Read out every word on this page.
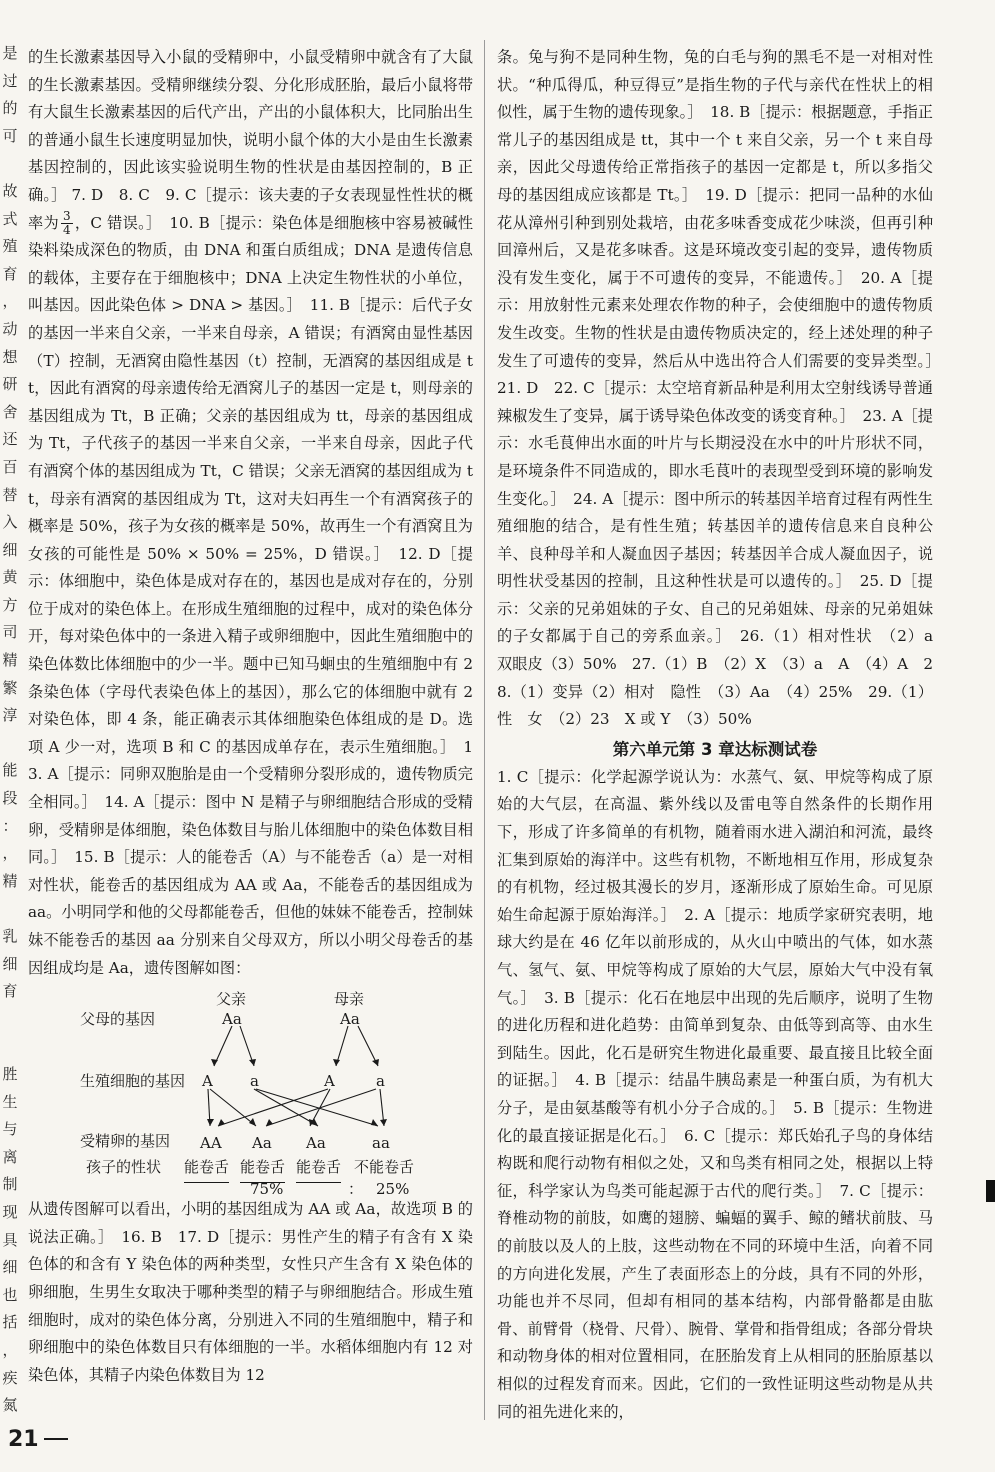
是
过
的
可
故
式
殖
育
，
动
想
研
舍
还
百
替
入
细
黄
方
司
精
繁
淳
能
段
：
，
精
乳
细
育
胜
生
与
离
制
现
具
细
也
括
，
疾
氮

的生长激素基因导入小鼠的受精卵中，小鼠受精卵中就含有了大鼠的生长激素基因。受精卵继续分裂、分化形成胚胎，最后小鼠将带有大鼠生长激素基因的后代产出，产出的小鼠体积大，比同胎出生的普通小鼠生长速度明显加快，说明小鼠个体的大小是由生长激素基因控制的，因此该实验说明生物的性状是由基因控制的，B 正确。］ 7. D　8. C　9. C［提示：该夫妻的子女表现显性性状的概率为 $\frac{3}{4}$ ，C 错误。］　10. B［提示：染色体是细胞核中容易被碱性染料染成深色的物质，由 DNA 和蛋白质组成；DNA 是遗传信息的载体，主要存在于细胞核中；DNA 上决定生物性状的小单位，叫基因。因此染色体 > DNA > 基因。］　11. B［提示：后代子女的基因一半来自父亲，一半来自母亲，A 错误；有酒窝由显性基因（T）控制，无酒窝由隐性基因（t）控制，无酒窝的基因组成是 tt，因此有酒窝的母亲遗传给无酒窝儿子的基因一定是 t，则母亲的基因组成为 Tt，B 正确；父亲的基因组成为 tt，母亲的基因组成为 Tt，子代孩子的基因一半来自父亲，一半来自母亲，因此子代有酒窝个体的基因组成为 Tt，C 错误；父亲无酒窝的基因组成为 tt，母亲有酒窝的基因组成为 Tt，这对夫妇再生一个有酒窝孩子的概率是 50%，孩子为女孩的概率是 50%，故再生一个有酒窝且为女孩的可能性是 50% × 50% = 25%，D 错误。］　12. D［提示：体细胞中，染色体是成对存在的，基因也是成对存在的，分别位于成对的染色体上。在形成生殖细胞的过程中，成对的染色体分开，每对染色体中的一条进入精子或卵细胞中，因此生殖细胞中的染色体数比体细胞中的少一半。题中已知马蛔虫的生殖细胞中有 2 条染色体（字母代表染色体上的基因），那么它的体细胞中就有 2 对染色体，即 4 条，能正确表示其体细胞染色体组成的是 D。选项 A 少一对，选项 B 和 C 的基因成单存在，表示生殖细胞。］　13. A［提示：同卵双胞胎是由一个受精卵分裂形成的，遗传物质完全相同。］　14. A［提示：图中 N 是精子与卵细胞结合形成的受精卵，受精卵是体细胞，染色体数目与胎儿体细胞中的染色体数目相同。］　15. B［提示：人的能卷舌（A）与不能卷舌（a）是一对相对性状，能卷舌的基因组成为 AA 或 Aa，不能卷舌的基因组成为 aa。小明同学和他的父母都能卷舌，但他的妹妹不能卷舌，控制妹妹不能卷舌的基因 aa 分别来自父母双方，所以小明父母卷舌的基因组成均是 Aa，遗传图解如图：

父母的基因
父亲	母亲
Aa	Aa
生殖细胞的基因 A a	A	a
受精卵的基因 AA Aa Aa	aa
孩子的性状 能卷舌 能卷舌 能卷舌 不能卷舌
75%	： 25%

从遗传图解可以看出，小明的基因组成为 AA 或 Aa，故选项 B 的说法正确。］　16. B　17. D［提示：男性产生的精子有含有 X 染色体的和含有 Y 染色体的两种类型，女性只产生含有 X 染色体的卵细胞，生男生女取决于哪种类型的精子与卵细胞结合。形成生殖细胞时，成对的染色体分离，分别进入不同的生殖细胞中，精子和卵细胞中的染色体数目只有体细胞的一半。水稻体细胞内有 12 对染色体，其精子内染色体数目为 12

条。兔与狗不是同种生物，兔的白毛与狗的黑毛不是一对相对性状。“种瓜得瓜，种豆得豆”是指生物的子代与亲代在性状上的相似性，属于生物的遗传现象。］　18. B［提示：根据题意，手指正常儿子的基因组成是 tt，其中一个 t 来自父亲，另一个 t 来自母亲，因此父母遗传给正常指孩子的基因一定都是 t，所以多指父母的基因组成应该都是 Tt。］　19. D［提示：把同一品种的水仙花从漳州引种到别处栽培，由花多味香变成花少味淡，但再引种回漳州后，又是花多味香。这是环境改变引起的变异，遗传物质没有发生变化，属于不可遗传的变异，不能遗传。］　20. A［提示：用放射性元素来处理农作物的种子，会使细胞中的遗传物质发生改变。生物的性状是由遗传物质决定的，经上述处理的种子发生了可遗传的变异，然后从中选出符合人们需要的变异类型。］　21. D　22. C［提示：太空培育新品种是利用太空射线诱导普通辣椒发生了变异，属于诱导染色体改变的诱变育种。］　23. A［提示：水毛茛伸出水面的叶片与长期浸没在水中的叶片形状不同，是环境条件不同造成的，即水毛茛叶的表现型受到环境的影响发生变化。］　24. A［提示：图中所示的转基因羊培育过程有两性生殖细胞的结合，是有性生殖；转基因羊的遗传信息来自良种公羊、良种母羊和人凝血因子基因；转基因羊合成人凝血因子，说明性状受基因的控制，且这种性状是可以遗传的。］　25. D［提示：父亲的兄弟姐妹的子女、自己的兄弟姐妹、母亲的兄弟姐妹的子女都属于自己的旁系血亲。］　26.（1）相对性状　（2）a　双眼皮（3）50%　27.（1）B　（2）X　（3）a　A　（4）A　28.（1）变异（2）相对　隐性　（3）Aa　（4）25%　29.（1）性　女　（2）23　X 或 Y　（3）50%

第六单元第 3 章达标测试卷

1. C［提示：化学起源学说认为：水蒸气、氨、甲烷等构成了原始的大气层，在高温、紫外线以及雷电等自然条件的长期作用下，形成了许多简单的有机物，随着雨水进入湖泊和河流，最终汇集到原始的海洋中。这些有机物，不断地相互作用，形成复杂的有机物，经过极其漫长的岁月，逐渐形成了原始生命。可见原始生命起源于原始海洋。］　2. A［提示：地质学家研究表明，地球大约是在 46 亿年以前形成的，从火山中喷出的气体，如水蒸气、氢气、氨、甲烷等构成了原始的大气层，原始大气中没有氧气。］　3. B［提示：化石在地层中出现的先后顺序，说明了生物的进化历程和进化趋势：由简单到复杂、由低等到高等、由水生到陆生。因此，化石是研究生物进化最重要、最直接且比较全面的证据。］　4. B［提示：结晶牛胰岛素是一种蛋白质，为有机大分子，是由氨基酸等有机小分子合成的。］　5. B［提示：生物进化的最直接证据是化石。］　6. C［提示：郑氏始孔子鸟的身体结构既和爬行动物有相似之处，又和鸟类有相同之处，根据以上特征，科学家认为鸟类可能起源于古代的爬行类。］　7. C［提示：脊椎动物的前肢，如鹰的翅膀、蝙蝠的翼手、鲸的鳍状前肢、马的前肢以及人的上肢，这些动物在不同的环境中生活，向着不同的方向进化发展，产生了表面形态上的分歧，具有不同的外形，功能也并不尽同，但却有相同的基本结构，内部骨骼都是由肱骨、前臂骨（桡骨、尺骨）、腕骨、掌骨和指骨组成；各部分骨块和动物身体的相对位置相同，在胚胎发育上从相同的胚胎原基以相似的过程发育而来。因此，它们的一致性证明这些动物是从共同的祖先进化来的，

21
